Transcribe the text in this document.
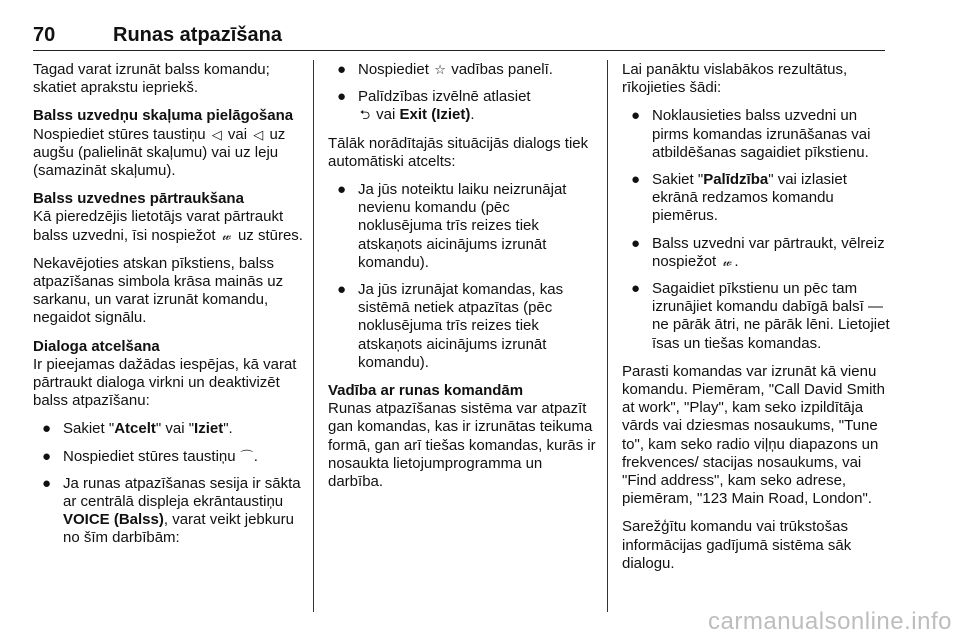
70	Runas atpazīšana

Tagad varat izrunāt balss komandu; skatiet aprakstu iepriekš.

Balss uzvedņu skaļuma pielāgošana
Nospiediet stūres taustiņu ◁ vai ◁ uz augšu (palielināt skaļumu) vai uz leju (samazināt skaļumu).

Balss uzvednes pārtraukšana
Kā pieredzējis lietotājs varat pārtraukt balss uzvedni, īsi nospiežot 𝓌 uz stūres.

Nekavējoties atskan pīkstiens, balss atpazīšanas simbola krāsa mainās uz sarkanu, un varat izrunāt komandu, negaidot signālu.

Dialoga atcelšana
Ir pieejamas dažādas iespējas, kā varat pārtraukt dialoga virkni un deaktivizēt balss atpazīšanu:

● Sakiet "Atcelt" vai "Iziet".
● Nospiediet stūres taustiņu ⌒.
● Ja runas atpazīšanas sesija ir sākta ar centrālā displeja ekrāntaustiņu VOICE (Balss), varat veikt jebkuru no šīm darbībām:
● Nospiediet ☆ vadības panelī.
● Palīdzības izvēlnē atlasiet
⮌ vai Exit (Iziet).

Tālāk norādītajās situācijās dialogs tiek automātiski atcelts:

● Ja jūs noteiktu laiku neizrunājat nevienu komandu (pēc noklusējuma trīs reizes tiek atskaņots aicinājums izrunāt komandu).
● Ja jūs izrunājat komandas, kas sistēmā netiek atpazītas (pēc noklusējuma trīs reizes tiek atskaņots aicinājums izrunāt komandu).

Vadība ar runas komandām
Runas atpazīšanas sistēma var atpazīt gan komandas, kas ir izrunātas teikuma formā, gan arī tiešas komandas, kurās ir nosaukta lietojumprogramma un darbība.

Lai panāktu vislabākos rezultātus, rīkojieties šādi:

● Noklausieties balss uzvedni un pirms komandas izrunāšanas vai atbildēšanas sagaidiet pīkstienu.
● Sakiet "Palīdzība" vai izlasiet ekrānā redzamos komandu piemērus.
● Balss uzvedni var pārtraukt, vēlreiz nospiežot 𝓌 .
● Sagaidiet pīkstienu un pēc tam izrunājiet komandu dabīgā balsī — ne pārāk ātri, ne pārāk lēni. Lietojiet īsas un tiešas komandas.

Parasti komandas var izrunāt kā vienu komandu. Piemēram, "Call David Smith at work", "Play", kam seko izpildītāja vārds vai dziesmas nosaukums, "Tune to", kam seko radio viļņu diapazons un frekvences/ stacijas nosaukums, vai "Find address", kam seko adrese, piemēram, "123 Main Road, London".

Sarežģītu komandu vai trūkstošas informācijas gadījumā sistēma sāk dialogu.

carmanualsonline.info
